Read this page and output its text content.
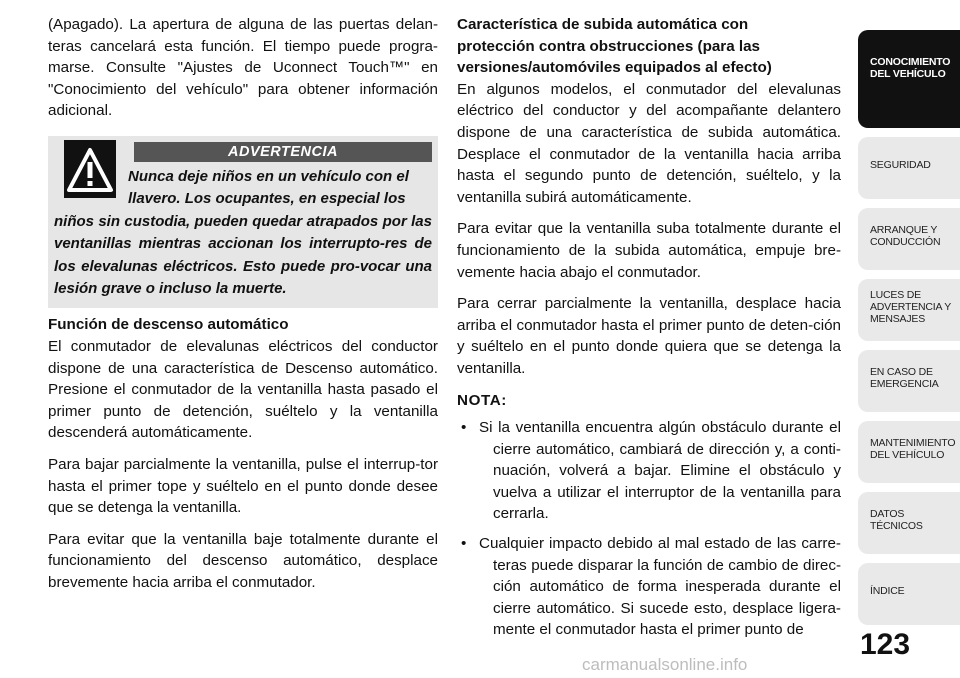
(Apagado). La apertura de alguna de las puertas delan-teras cancelará esta función. El tiempo puede progra-marse. Consulte "Ajustes de Uconnect Touch™" en "Conocimiento del vehículo" para obtener información adicional.

ADVERTENCIA
Nunca deje niños en un vehículo con el
llavero. Los ocupantes, en especial los
niños sin custodia, pueden quedar atrapados por las ventanillas mientras accionan los interrupto-res de los elevalunas eléctricos. Esto puede pro-vocar una lesión grave o incluso la muerte.
Función de descenso automático

El conmutador de elevalunas eléctricos del conductor dispone de una característica de Descenso automático. Presione el conmutador de la ventanilla hasta pasado el primer punto de detención, suéltelo y la ventanilla descenderá automáticamente.

Para bajar parcialmente la ventanilla, pulse el interrup-tor hasta el primer tope y suéltelo en el punto donde desee que se detenga la ventanilla.

Para evitar que la ventanilla baje totalmente durante el funcionamiento del descenso automático, desplace brevemente hacia arriba el conmutador.

Característica de subida automática con
protección contra obstrucciones (para las
versiones/automóviles equipados al efecto)

En algunos modelos, el conmutador del elevalunas eléctrico del conductor y del acompañante delantero dispone de una característica de subida automática. Desplace el conmutador de la ventanilla hacia arriba hasta el segundo punto de detención, suéltelo, y la ventanilla subirá automáticamente.

Para evitar que la ventanilla suba totalmente durante el funcionamiento de la subida automática, empuje bre-vemente hacia abajo el conmutador.

Para cerrar parcialmente la ventanilla, desplace hacia arriba el conmutador hasta el primer punto de deten-ción y suéltelo en el punto donde quiera que se detenga la ventanilla.

NOTA:
• Si la ventanilla encuentra algún obstáculo durante el cierre automático, cambiará de dirección y, a conti-nuación, volverá a bajar. Elimine el obstáculo y vuelva a utilizar el interruptor de la ventanilla para cerrarla.
• Cualquier impacto debido al mal estado de las carre-teras puede disparar la función de cambio de direc-ción automático de forma inesperada durante el cierre automático. Si sucede esto, desplace ligera-mente el conmutador hasta el primer punto de
CONOCIMIENTO
DEL VEHÍCULO
SEGURIDAD
ARRANQUE Y
CONDUCCIÓN
LUCES DE
ADVERTENCIA Y
MENSAJES
EN CASO DE
EMERGENCIA
MANTENIMIENTO
DEL VEHÍCULO
DATOS
TÉCNICOS
ÍNDICE
123
carmanualsonline.info
